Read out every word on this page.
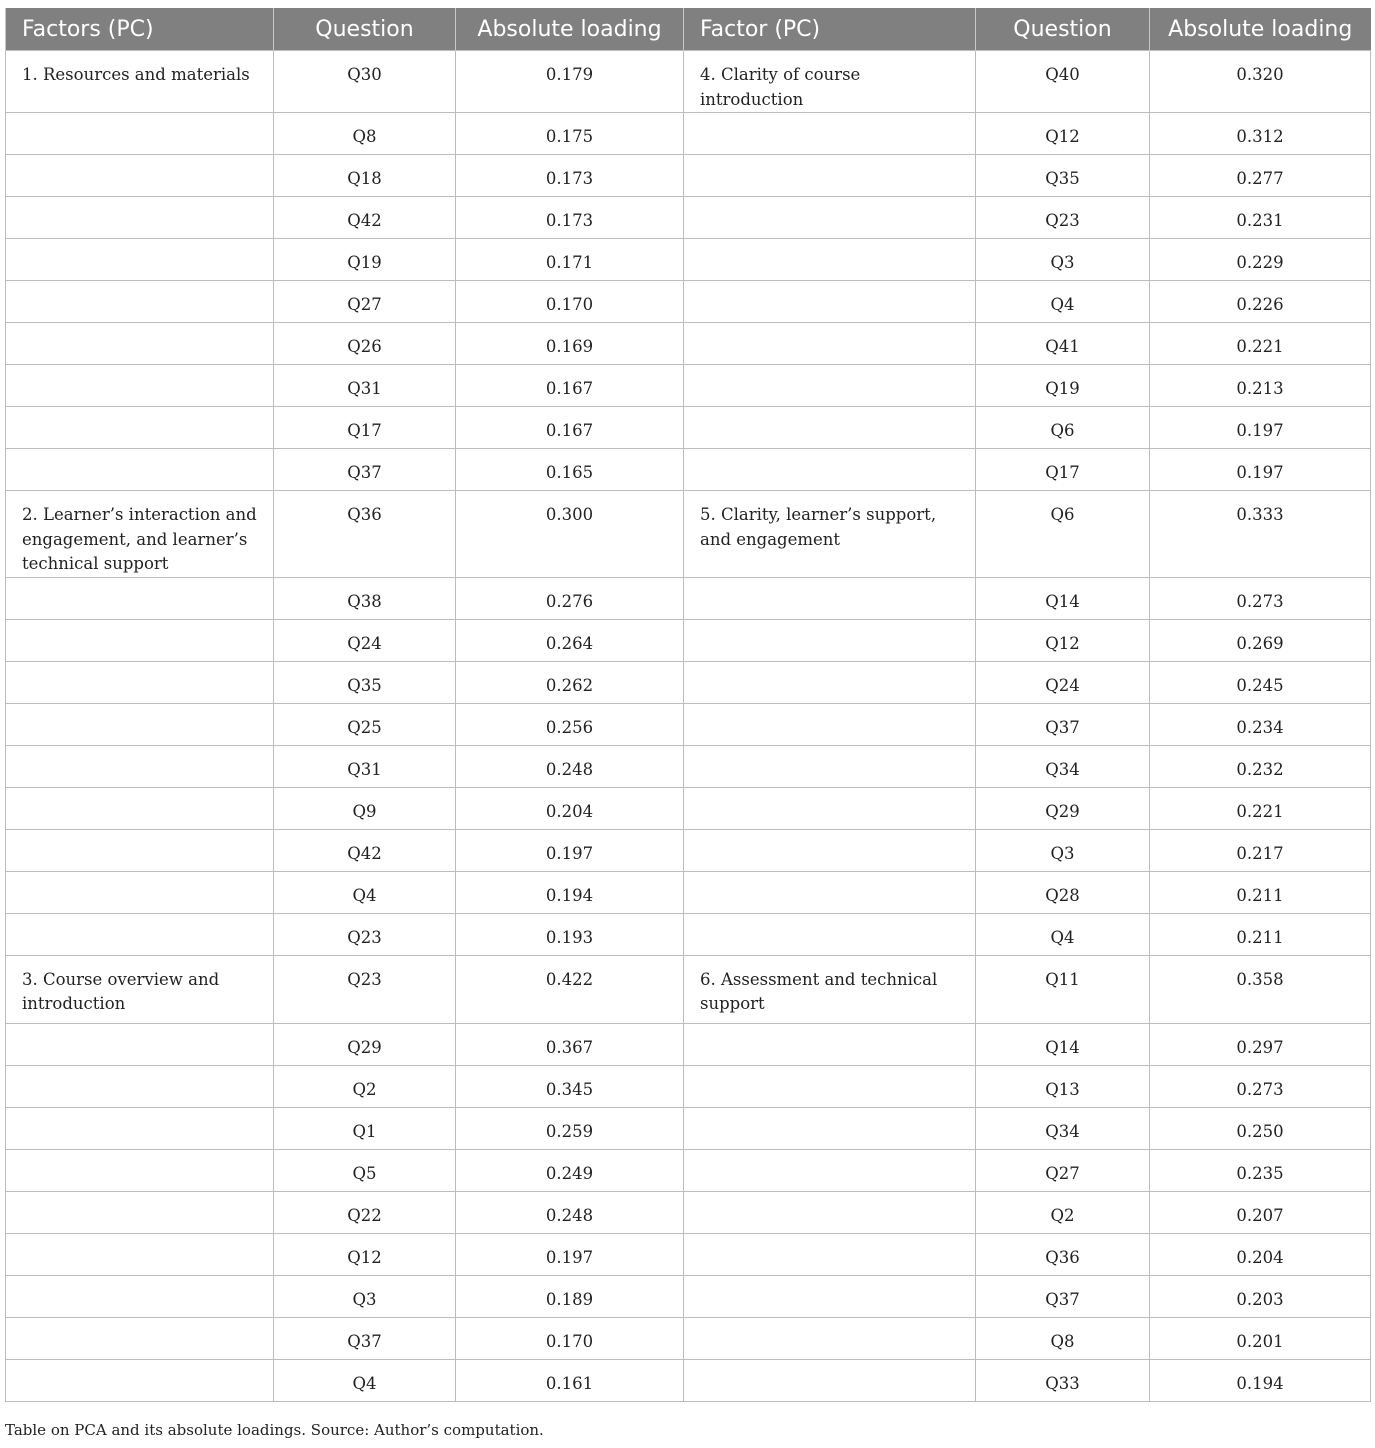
Factors (PC)	Question	Absolute loading	Factor (PC)	Question	Absolute loading

1. Resources and materials	Q30	0.179	4. Clarity of course introduction	Q40	0.320

	Q8	0.175		Q12	0.312

	Q18	0.173		Q35	0.277

	Q42	0.173		Q23	0.231

	Q19	0.171		Q3	0.229

	Q27	0.170		Q4	0.226

	Q26	0.169		Q41	0.221

	Q31	0.167		Q19	0.213

	Q17	0.167		Q6	0.197

	Q37	0.165		Q17	0.197

2. Learner’s interaction and engagement, and learner’s technical support	Q36	0.300	5. Clarity, learner’s support, and engagement	Q6	0.333

	Q38	0.276		Q14	0.273

	Q24	0.264		Q12	0.269

	Q35	0.262		Q24	0.245

	Q25	0.256		Q37	0.234

	Q31	0.248		Q34	0.232

	Q9	0.204		Q29	0.221

	Q42	0.197		Q3	0.217

	Q4	0.194		Q28	0.211

	Q23	0.193		Q4	0.211

3. Course overview and introduction	Q23	0.422	6. Assessment and technical support	Q11	0.358

	Q29	0.367		Q14	0.297

	Q2	0.345		Q13	0.273

	Q1	0.259		Q34	0.250

	Q5	0.249		Q27	0.235

	Q22	0.248		Q2	0.207

	Q12	0.197		Q36	0.204

	Q3	0.189		Q37	0.203

	Q37	0.170		Q8	0.201

	Q4	0.161		Q33	0.194
Table on PCA and its absolute loadings. Source: Author’s computation.
